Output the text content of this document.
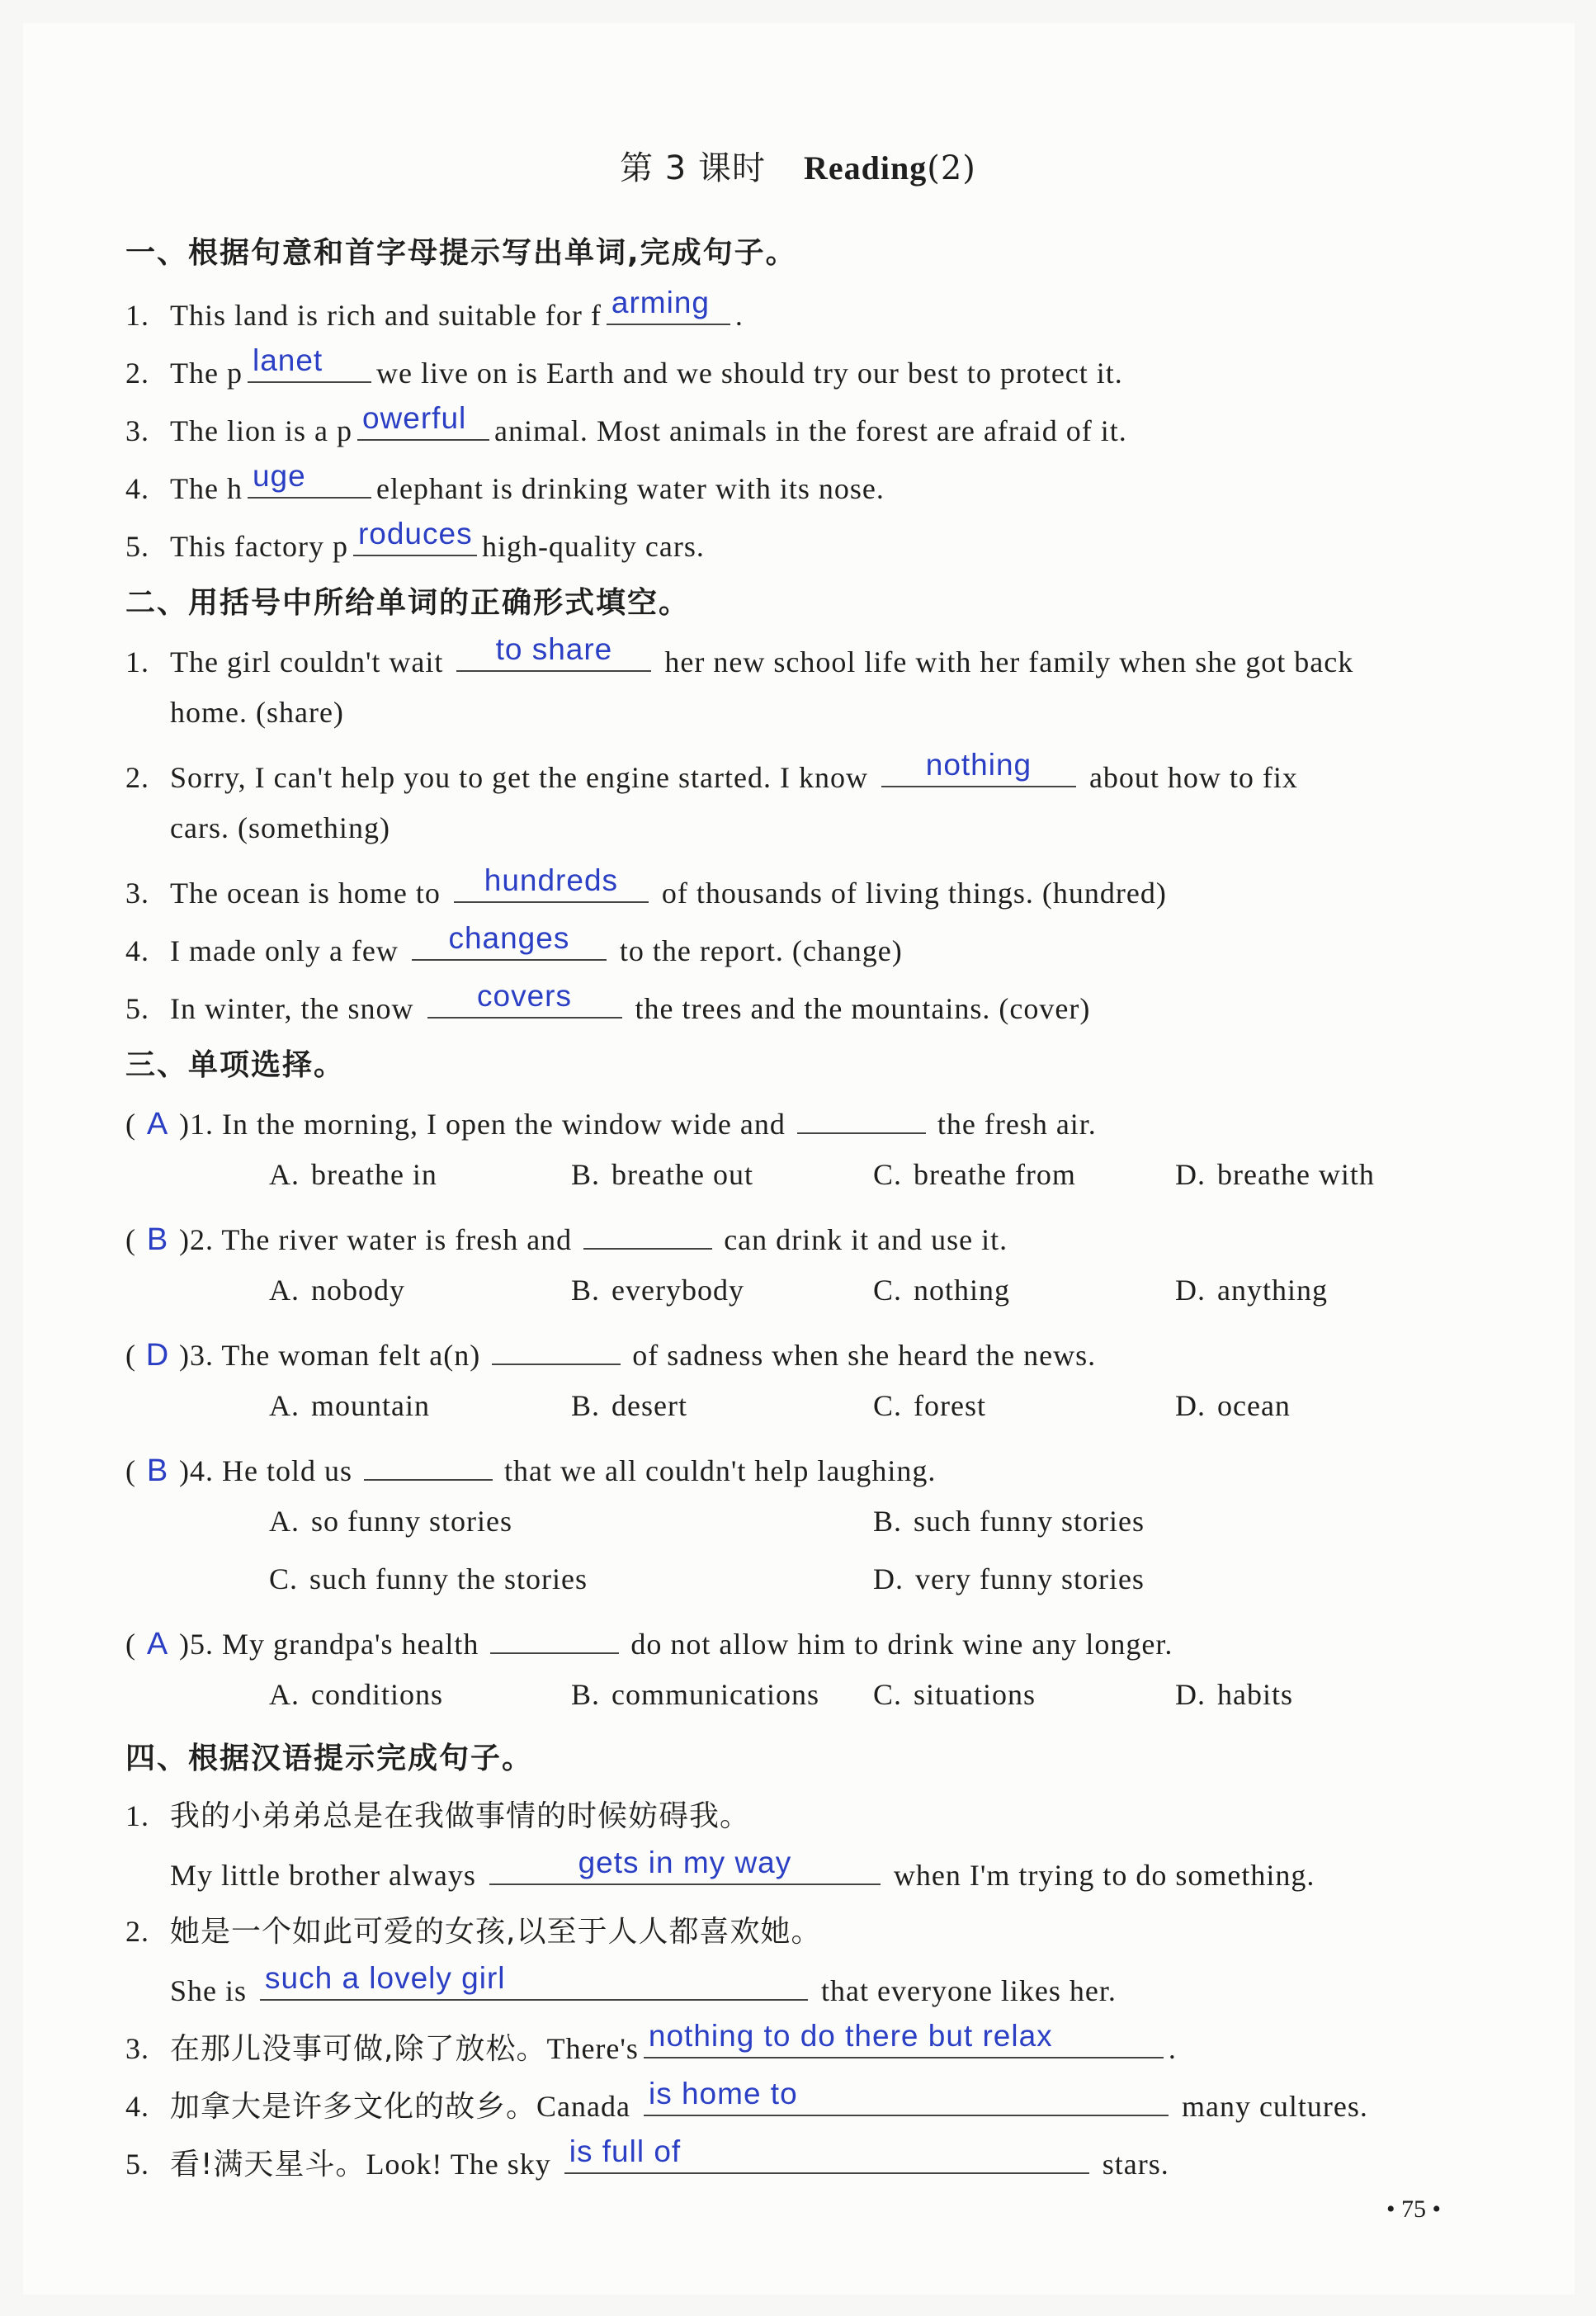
第 3 课时 Reading(2)
一、根据句意和首字母提示写出单词,完成句子。
1. This land is rich and suitable for f arming .
2. The p lanet	we live on is Earth and we should try our best to protect it.
3. The lion is a p owerful animal. Most animals in the forest are afraid of it.
4. The h uge	elephant is drinking water with its nose.
5. This factory p roduces high-quality cars.
二、用括号中所给单词的正确形式填空。
1. The girl couldn't wait	to share	her new school life with her family when she got back
home. (share)
2. Sorry, I can't help you to get the engine started. I know	nothing	about how to fix
cars. (something)
3. The ocean is home to	hundreds	of thousands of living things. (hundred)
4. I made only a few	changes	to the report. (change)
5. In winter, the snow	covers	the trees and the mountains. (cover)
三、单项选择。
( A )1. In the morning, I open the window wide and	the fresh air.
A. breathe in	B. breathe out	C. breathe from	D. breathe with
( B )2. The river water is fresh and	can drink it and use it.
A. nobody	B. everybody	C. nothing	D. anything
( D )3. The woman felt a(n)	of sadness when she heard the news.
A. mountain	B. desert	C. forest	D. ocean
( B )4. He told us	that we all couldn't help laughing.
A. so funny stories	B. such funny stories
C. such funny the stories	D. very funny stories
( A )5. My grandpa's health	do not allow him to drink wine any longer.
A. conditions	B. communications C. situations	D. habits
四、根据汉语提示完成句子。
1. 我的小弟弟总是在我做事情的时候妨碍我。
My little brother always	gets in my way	when I'm trying to do something.
2. 她是一个如此可爱的女孩,以至于人人都喜欢她。
She is such a lovely girl	that everyone likes her.
3. 在那儿没事可做,除了放松。There's nothing to do there but relax	.
4. 加拿大是许多文化的故乡。Canada is home to	many cultures.
5. 看!满天星斗。Look! The sky is full of	stars.
• 75 •
